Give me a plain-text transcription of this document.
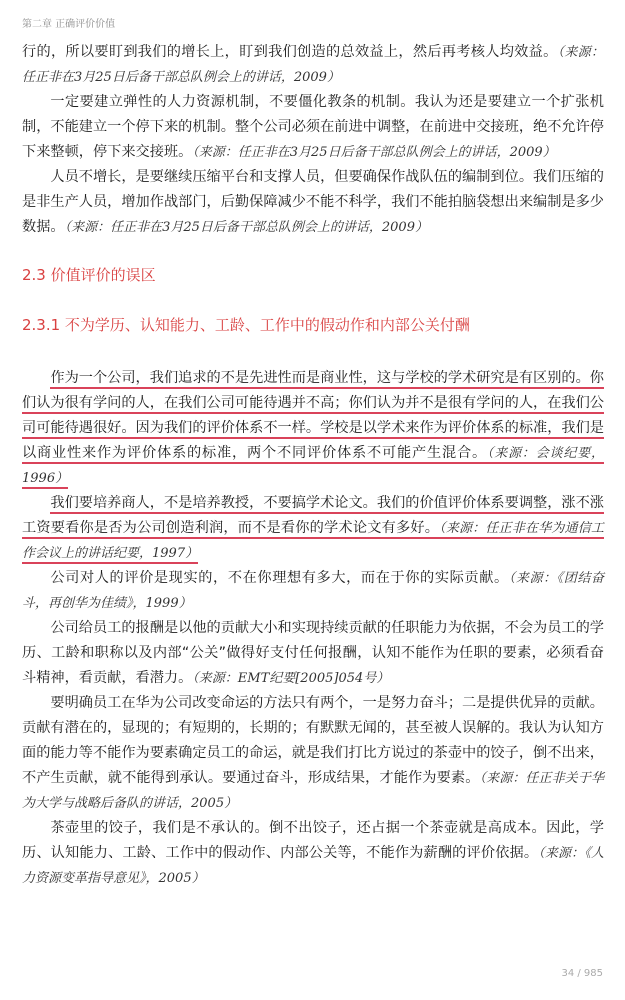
第二章 正确评价价值

行的，所以要盯到我们的增长上，盯到我们创造的总效益上，然后再考核人均效益。（来源：任正非在3月25日后备干部总队例会上的讲话，2009）

一定要建立弹性的人力资源机制，不要僵化教条的机制。我认为还是要建立一个扩张机制，不能建立一个停下来的机制。整个公司必须在前进中调整，在前进中交接班，绝不允许停下来整顿，停下来交接班。（来源：任正非在3月25日后备干部总队例会上的讲话，2009）

人员不增长，是要继续压缩平台和支撑人员，但要确保作战队伍的编制到位。我们压缩的是非生产人员，增加作战部门，后勤保障减少不能不科学，我们不能拍脑袋想出来编制是多少数据。（来源：任正非在3月25日后备干部总队例会上的讲话，2009）

2.3 价值评价的误区
2.3.1 不为学历、认知能力、工龄、工作中的假动作和内部公关付酬

作为一个公司，我们追求的不是先进性而是商业性，这与学校的学术研究是有区别的。你们认为很有学问的人，在我们公司可能待遇并不高；你们认为并不是很有学问的人，在我们公司可能待遇很好。因为我们的评价体系不一样。学校是以学术来作为评价体系的标准，我们是以商业性来作为评价体系的标准，两个不同评价体系不可能产生混合。（来源：会谈纪要，1996）

我们要培养商人，不是培养教授，不要搞学术论文。我们的价值评价体系要调整，涨不涨工资要看你是否为公司创造利润，而不是看你的学术论文有多好。（来源：任正非在华为通信工作会议上的讲话纪要，1997）

公司对人的评价是现实的，不在你理想有多大，而在于你的实际贡献。（来源：《团结奋斗，再创华为佳绩》，1999）

公司给员工的报酬是以他的贡献大小和实现持续贡献的任职能力为依据，不会为员工的学历、工龄和职称以及内部“公关”做得好支付任何报酬，认知不能作为任职的要素，必须看奋斗精神，看贡献，看潜力。（来源：EMT纪要[2005]054号）

要明确员工在华为公司改变命运的方法只有两个，一是努力奋斗；二是提供优异的贡献。贡献有潜在的，显现的；有短期的，长期的；有默默无闻的，甚至被人误解的。我认为认知方面的能力等不能作为要素确定员工的命运，就是我们打比方说过的茶壶中的饺子，倒不出来，不产生贡献，就不能得到承认。要通过奋斗，形成结果，才能作为要素。（来源：任正非关于华为大学与战略后备队的讲话，2005）

茶壶里的饺子，我们是不承认的。倒不出饺子，还占据一个茶壶就是高成本。因此，学历、认知能力、工龄、工作中的假动作、内部公关等，不能作为薪酬的评价依据。（来源：《人力资源变革指导意见》，2005）

34 / 985
